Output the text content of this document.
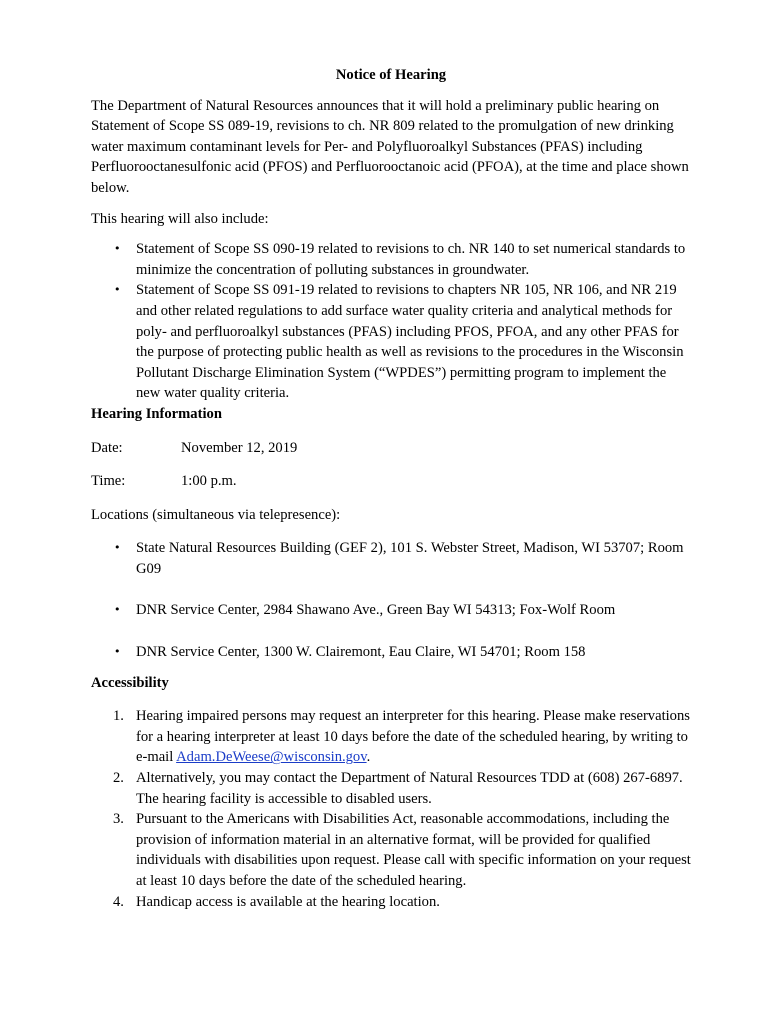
Notice of Hearing

The Department of Natural Resources announces that it will hold a preliminary public hearing on Statement of Scope SS 089-19, revisions to ch. NR 809 related to the promulgation of new drinking water maximum contaminant levels for Per- and Polyfluoroalkyl Substances (PFAS) including Perfluorooctanesulfonic acid (PFOS) and Perfluorooctanoic acid (PFOA), at the time and place shown below.

This hearing will also include:

• Statement of Scope SS 090-19 related to revisions to ch. NR 140 to set numerical standards to minimize the concentration of polluting substances in groundwater.
• Statement of Scope SS 091-19 related to revisions to chapters NR 105, NR 106, and NR 219 and other related regulations to add surface water quality criteria and analytical methods for poly- and perfluoroalkyl substances (PFAS) including PFOS, PFOA, and any other PFAS for the purpose of protecting public health as well as revisions to the procedures in the Wisconsin Pollutant Discharge Elimination System (“WPDES”) permitting program to implement the new water quality criteria.

Hearing Information

Date:	November 12, 2019
Time:	1:00 p.m.

Locations (simultaneous via telepresence):

• State Natural Resources Building (GEF 2), 101 S. Webster Street, Madison, WI 53707; Room G09
• DNR Service Center, 2984 Shawano Ave., Green Bay WI 54313; Fox-Wolf Room
• DNR Service Center, 1300 W. Clairemont, Eau Claire, WI 54701; Room 158

Accessibility

1. Hearing impaired persons may request an interpreter for this hearing. Please make reservations for a hearing interpreter at least 10 days before the date of the scheduled hearing, by writing to e-mail Adam.DeWeese@wisconsin.gov.
2. Alternatively, you may contact the Department of Natural Resources TDD at (608) 267-6897. The hearing facility is accessible to disabled users.
3. Pursuant to the Americans with Disabilities Act, reasonable accommodations, including the provision of information material in an alternative format, will be provided for qualified individuals with disabilities upon request. Please call with specific information on your request at least 10 days before the date of the scheduled hearing.
4. Handicap access is available at the hearing location.
